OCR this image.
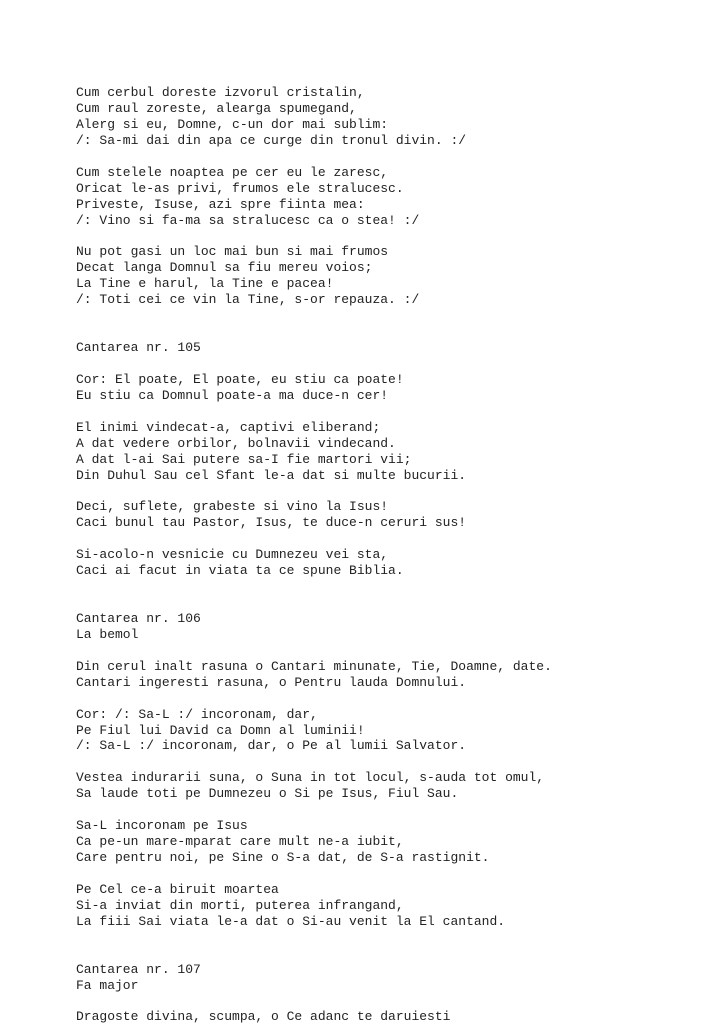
Cum cerbul doreste izvorul cristalin,
Cum raul zoreste, alearga spumegand,
Alerg si eu, Domne, c-un dor mai sublim:
/: Sa-mi dai din apa ce curge din tronul divin. :/
Cum stelele noaptea pe cer eu le zaresc,
Oricat le-as privi, frumos ele stralucesc.
Priveste, Isuse, azi spre fiinta mea:
/: Vino si fa-ma sa stralucesc ca o stea! :/
Nu pot gasi un loc mai bun si mai frumos
Decat langa Domnul sa fiu mereu voios;
La Tine e harul, la Tine e pacea!
/: Toti cei ce vin la Tine, s-or repauza. :/
Cantarea nr. 105
Cor: El poate, El poate, eu stiu ca poate!
Eu stiu ca Domnul poate-a ma duce-n cer!
El inimi vindecat-a, captivi eliberand;
A dat vedere orbilor, bolnavii vindecand.
A dat l-ai Sai putere sa-I fie martori vii;
Din Duhul Sau cel Sfant le-a dat si multe bucurii.
Deci, suflete, grabeste si vino la Isus!
Caci bunul tau Pastor, Isus, te duce-n ceruri sus!
Si-acolo-n vesnicie cu Dumnezeu vei sta,
Caci ai facut in viata ta ce spune Biblia.
Cantarea nr. 106
La bemol
Din cerul inalt rasuna o Cantari minunate, Tie, Doamne, date.
Cantari ingeresti rasuna, o Pentru lauda Domnului.
Cor: /: Sa-L :/ incoronam, dar,
Pe Fiul lui David ca Domn al luminii!
/: Sa-L :/ incoronam, dar, o Pe al lumii Salvator.
Vestea indurarii suna, o Suna in tot locul, s-auda tot omul,
Sa laude toti pe Dumnezeu o Si pe Isus, Fiul Sau.
Sa-L incoronam pe Isus
Ca pe-un mare-mparat care mult ne-a iubit,
Care pentru noi, pe Sine o S-a dat, de S-a rastignit.
Pe Cel ce-a biruit moartea
Si-a inviat din morti, puterea infrangand,
La fiii Sai viata le-a dat o Si-au venit la El cantand.
Cantarea nr. 107
Fa major
Dragoste divina, scumpa, o Ce adanc te daruiesti
